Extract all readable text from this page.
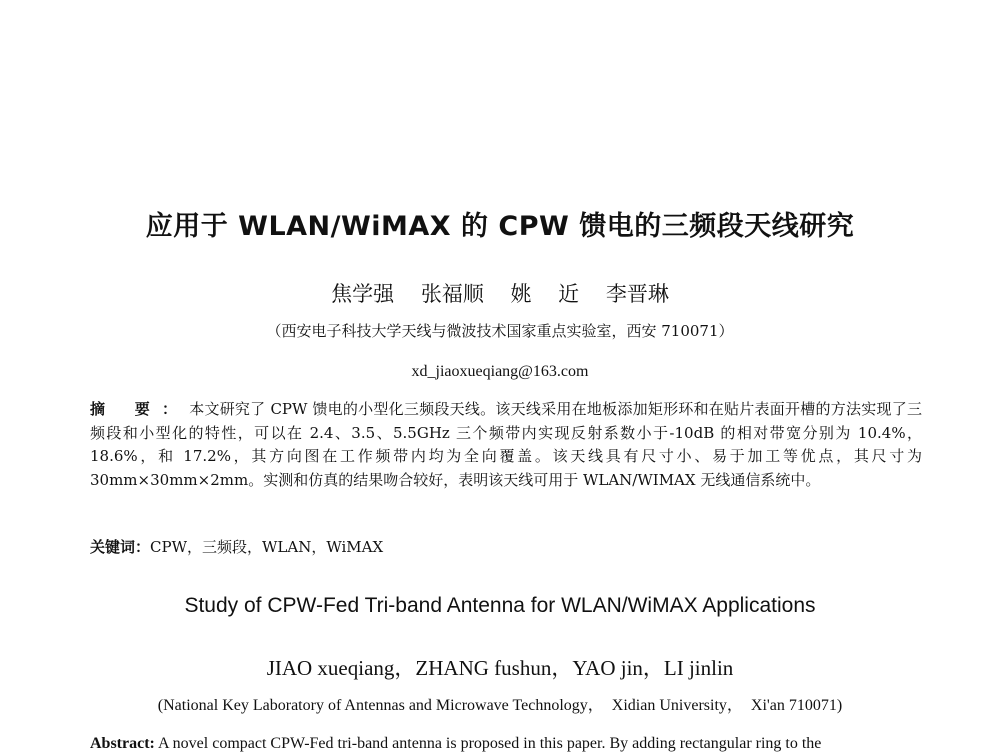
应用于 WLAN/WiMAX 的 CPW 馈电的三频段天线研究
焦学强 张福顺 姚 近 李晋琳
（西安电子科技大学天线与微波技术国家重点实验室，西安 710071）
xd_jiaoxueqiang@163.com
摘 要：本文研究了 CPW 馈电的小型化三频段天线。该天线采用在地板添加矩形环和在贴片表面开槽的方法实现了三频段和小型化的特性，可以在 2.4、3.5、5.5GHz 三个频带内实现反射系数小于-10dB 的相对带宽分别为 10.4%，18.6%，和 17.2%，其方向图在工作频带内均为全向覆盖。该天线具有尺寸小、易于加工等优点，其尺寸为 30mm×30mm×2mm。实测和仿真的结果吻合较好，表明该天线可用于 WLAN/WIMAX 无线通信系统中。
关键词：CPW，三频段，WLAN，WiMAX
Study of CPW-Fed Tri-band Antenna for WLAN/WiMAX Applications
JIAO xueqiang，ZHANG fushun，YAO jin，LI jinlin
(National Key Laboratory of Antennas and Microwave Technology，  Xidian University，  Xi'an 710071)
Abstract: A novel compact CPW-Fed tri-band antenna is proposed in this paper. By adding rectangular ring to the
